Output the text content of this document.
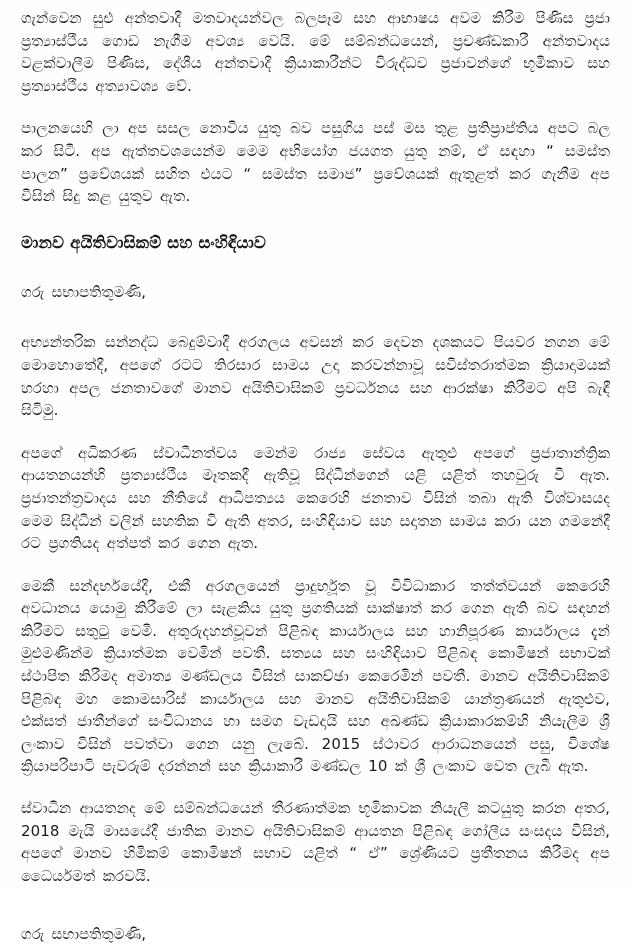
ගැන්වෙන සුළු අන්තවාදී මතවාදයන්වල බලපෑම සහ ආභාෂය අවම කිරීම පිණිස ප්‍රජා ප්‍රත්‍යාස්ථීය ගොඩ නැගීම අවශ්‍ය වෙයි. මේ සම්බන්ධයෙන්, ප්‍රචණ්ඩකාරී අන්තවාදය වළක්වාලීම පිණිස, දේශීය අන්තවාදී ක්‍රියාකාරීන්ට විරුද්ධව ප්‍රජාවන්ගේ භූමිකාව සහ ප්‍රත්‍යාස්ථීය අත්‍යාවශ්‍ය වේ.

පාලනයෙහි ලා අප සසල නොවිය යුතු බව පසුගිය පස් මස තුළ ප්‍රතිප්‍රාප්තිය අපට බල කර සිටී. අප ඇත්තවශයෙන්ම මෙම අභියෝග ජයගත යුතු නම්, ඒ සඳහා “ සමස්ත පාලන” ප්‍රවේශයක් සහිත එයට “ සමස්ත සමාජ” ප්‍රවේශයක් ඇතුළත් කර ගැනීම අප විසින් සිදු කළ යුතුව ඇත.

මානව අයිතිවාසිකම් සහ සංහිඳියාව

ගරු සභාපතිතුමණි,

අභ්‍යන්තරික සන්නද්ධ බෙදුම්වාදී අරගලය අවසන් කර දෙවන දශකයට පියවර නගන මේ මොහොතේදී, අපගේ රටට තිරසාර සාමය උදා කරවන්නාවූ සවිස්තරාත්මක ක්‍රියාදාමයක් හරහා අපල ජනතාවගේ මානව අයිතිවාසිකම් ප්‍රවර්ධනය සහ ආරක්ෂා කිරීමට අපි බැඳී සිටිමු.

අපගේ අධිකරණ ස්වාධීනත්වය මෙන්ම රාජ්‍ය සේවය ඇතුළු අපගේ ප්‍රජාතාන්ත්‍රික ආයතනයන්හි ප්‍රත්‍යාස්ථීය මෑතකදී ඇතිවූ සිද්ධීන්ගෙන් යළි යළිත් තහවුරු වී ඇත. ප්‍රජාතන්ත්‍රවාදය සහ නීතියේ ආධිපත්‍යය කෙරෙහි ජනතාව විසින් තබා ඇති විශ්වාසයද මෙම සිද්ධීන් වලින් සහතික වී ඇති අතර, සංහිඳියාව සහ සදාතන සාමය කරා යන ගමනේදී රට ප්‍රගතියද අත්පත් කර ගෙන ඇත.

මෙකී සන්දර්භයේදී, එකී අරගලයෙන් ප්‍රාදුර්භූත වූ විවිධාකාර තත්ත්වයන් කෙරෙහි අවධානය යොමු කිරීමේ ලා සැළකිය යුතු ප්‍රගතියක් සාක්ෂාත් කර ගෙන ඇති බව සඳහන් කිරීමට සතුටු වෙමි. අතුරුදහන්වූවන් පිළිබඳ කාර්යාලය සහ හානිපූරණ කාර්යාලය දැන් මුළුමණින්ම ක්‍රියාත්මක වෙමින් පවතී. සත්‍යය සහ සංහිඳියාව පිළිබඳ කොමිෂන් සභාවක් ස්ථාපිත කිරීමද අමාත්‍ය මණ්ඩලය විසින් සාකච්ඡා කෙරෙමින් පවතී. මානව අයිතිවාසිකම් පිළිබඳ මහ කොමසාරිස් කාර්යාලය සහ මානව අයිතිවාසිකම් යාන්ත්‍රණයන් ඇතුළුව, එක්සත් ජාතීන්ගේ සංවිධානය හා සමග වැඩදායි සහ අඛණ්ඩ ක්‍රියාකාරකම්හි නියැලීම ශ්‍රී ලංකාව විසින් පවත්වා ගෙන යනු ලැබේ. 2015 ස්ථාවර ආරාධනයෙන් පසු, විශේෂ ක්‍රියාපරිපාටි පැවරුම් දරන්නන් සහ ක්‍රියාකාරී මණ්ඩල 10 ක් ශ්‍රී ලංකාව වෙත ලැබී ඇත.

ස්වාධීන ආයතනද මේ සම්බන්ධයෙන් තීරණාත්මක භූමිකාවක නියැලී කටයුතු කරන අතර, 2018 මැයි මාසයේදී ජාතික මානව අයිතිවාසිකම් ආයතන පිළිබඳ ගෝලීය සංසදය විසින්, අපගේ මානව හිමිකම් කොමිෂන් සභාව යළිත් “ ඒ” ශ්‍රේණියට ප්‍රතීතනය කිරීමද අප ධෛර්යමත් කරවයි.

ගරු සභාපතිතුමණි,
